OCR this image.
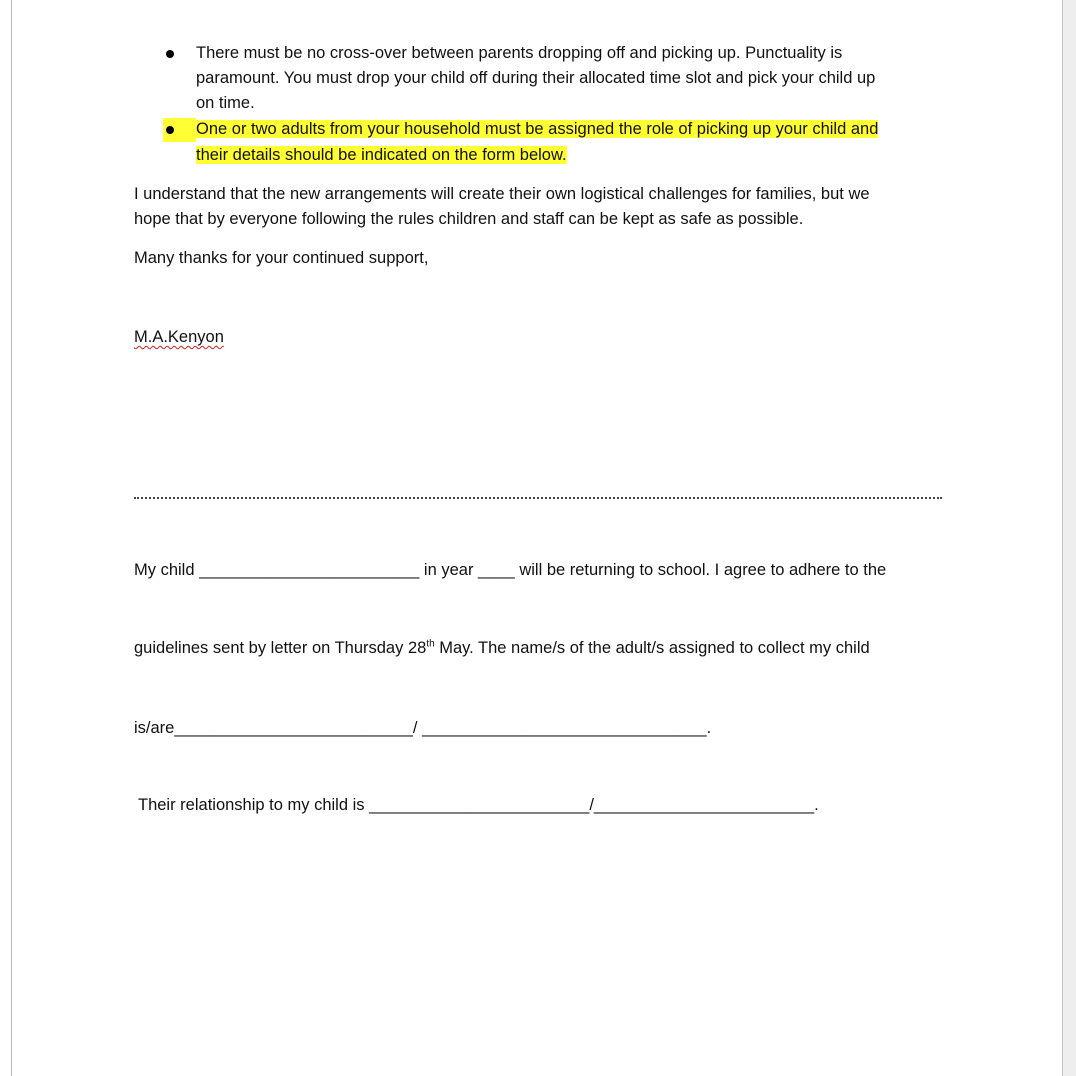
There must be no cross-over between parents dropping off and picking up. Punctuality is
paramount. You must drop your child off during their allocated time slot and pick your child up
on time.
One or two adults from your household must be assigned the role of picking up your child and
their details should be indicated on the form below.
I understand that the new arrangements will create their own logistical challenges for families, but we
hope that by everyone following the rules children and staff can be kept as safe as possible.
Many thanks for your continued support,
M.A.Kenyon
My child ________________________ in year ____ will be returning to school. I agree to adhere to the
guidelines sent by letter on Thursday 28th May. The name/s of the adult/s assigned to collect my child
is/are__________________________/ _______________________________.
Their relationship to my child is ________________________/________________________.
